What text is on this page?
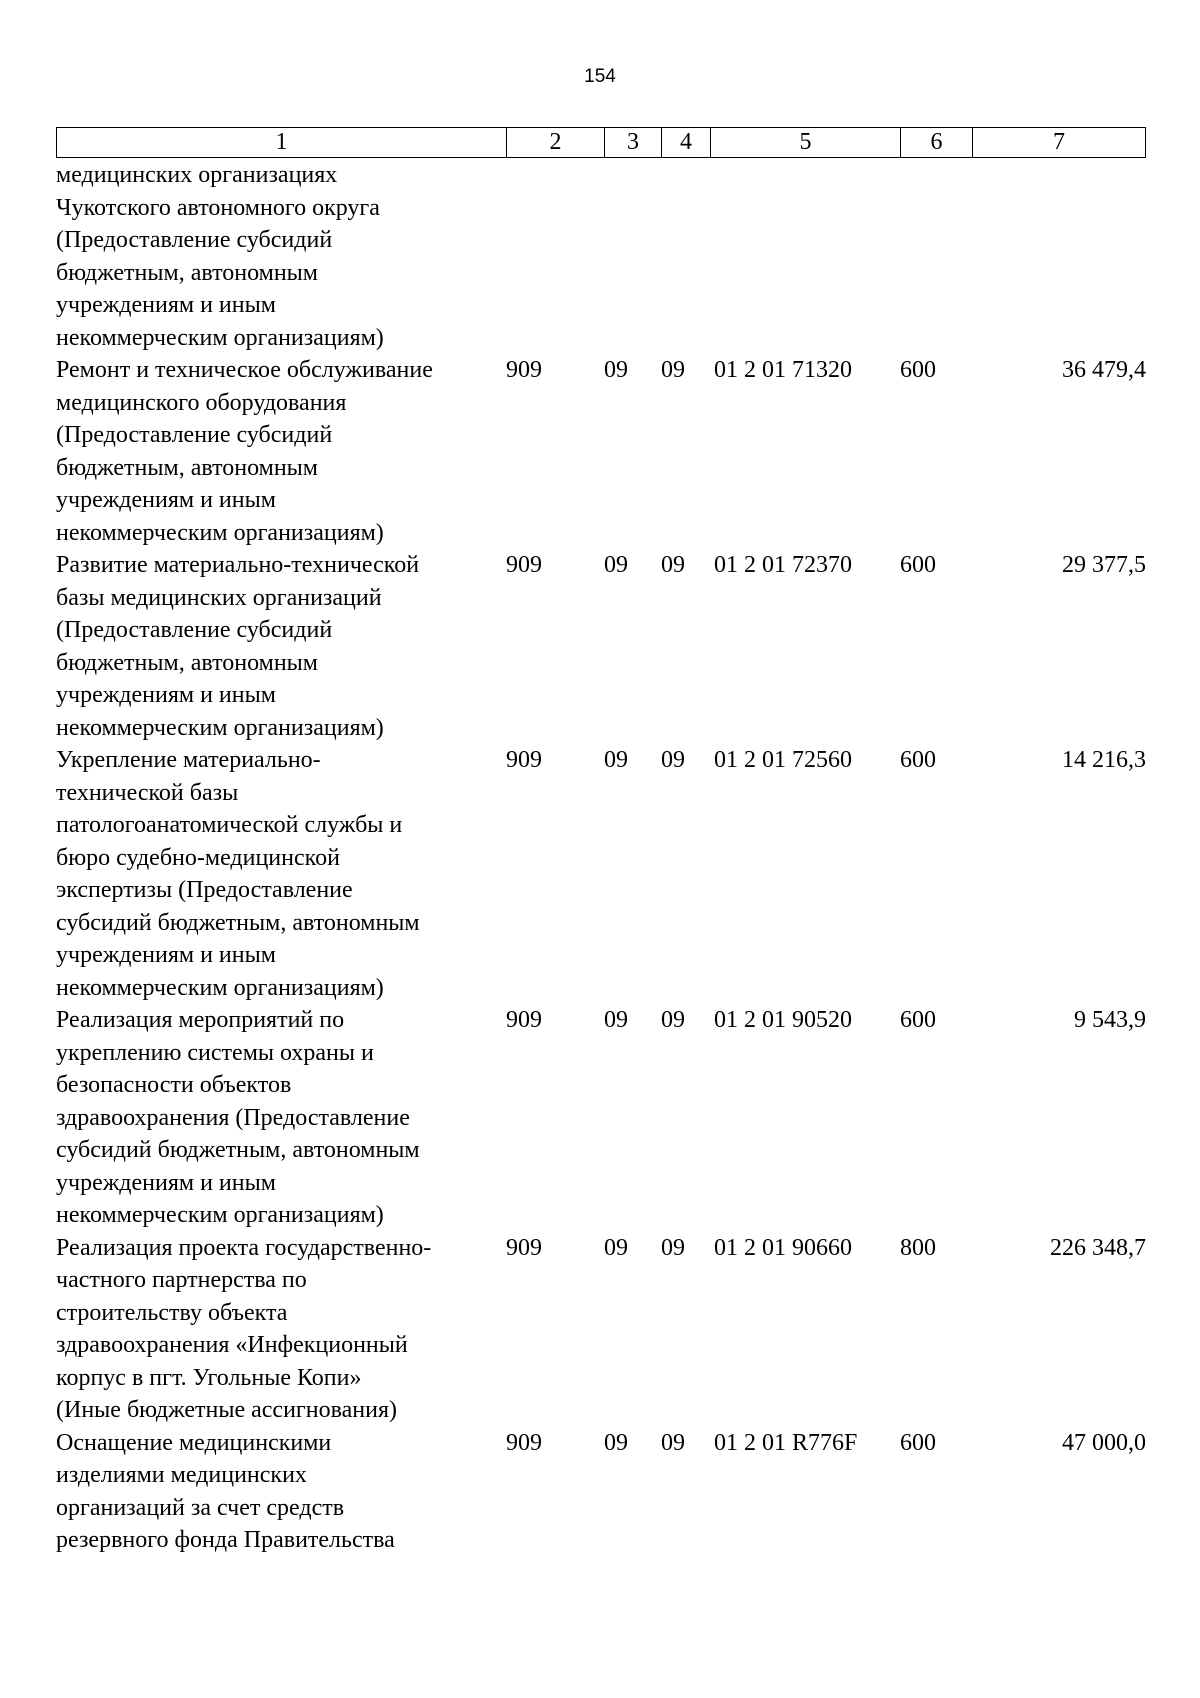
154
1	2	3	4	5	6	7
медицинских организациях
Чукотского автономного округа
(Предоставление субсидий
бюджетным, автономным
учреждениям и иным
некоммерческим организациям)
Ремонт и техническое обслуживание
медицинского оборудования
(Предоставление субсидий
бюджетным, автономным
учреждениям и иным
некоммерческим организациям)
909	09	09	01 2 01 71320	600	36 479,4
Развитие материально-технической
базы медицинских организаций
(Предоставление субсидий
бюджетным, автономным
учреждениям и иным
некоммерческим организациям)
909	09	09	01 2 01 72370	600	29 377,5
Укрепление материально-
технической базы
патологоанатомической службы и
бюро судебно-медицинской
экспертизы (Предоставление
субсидий бюджетным, автономным
учреждениям и иным
некоммерческим организациям)
909	09	09	01 2 01 72560	600	14 216,3
Реализация мероприятий по
укреплению системы охраны и
безопасности объектов
здравоохранения (Предоставление
субсидий бюджетным, автономным
учреждениям и иным
некоммерческим организациям)
909	09	09	01 2 01 90520	600	9 543,9
Реализация проекта государственно-
частного партнерства по
строительству объекта
здравоохранения «Инфекционный
корпус в пгт. Угольные Копи»
(Иные бюджетные ассигнования)
909	09	09	01 2 01 90660	800	226 348,7
Оснащение медицинскими
изделиями медицинских
организаций за счет средств
резервного фонда Правительства
909	09	09	01 2 01 R776F	600	47 000,0
